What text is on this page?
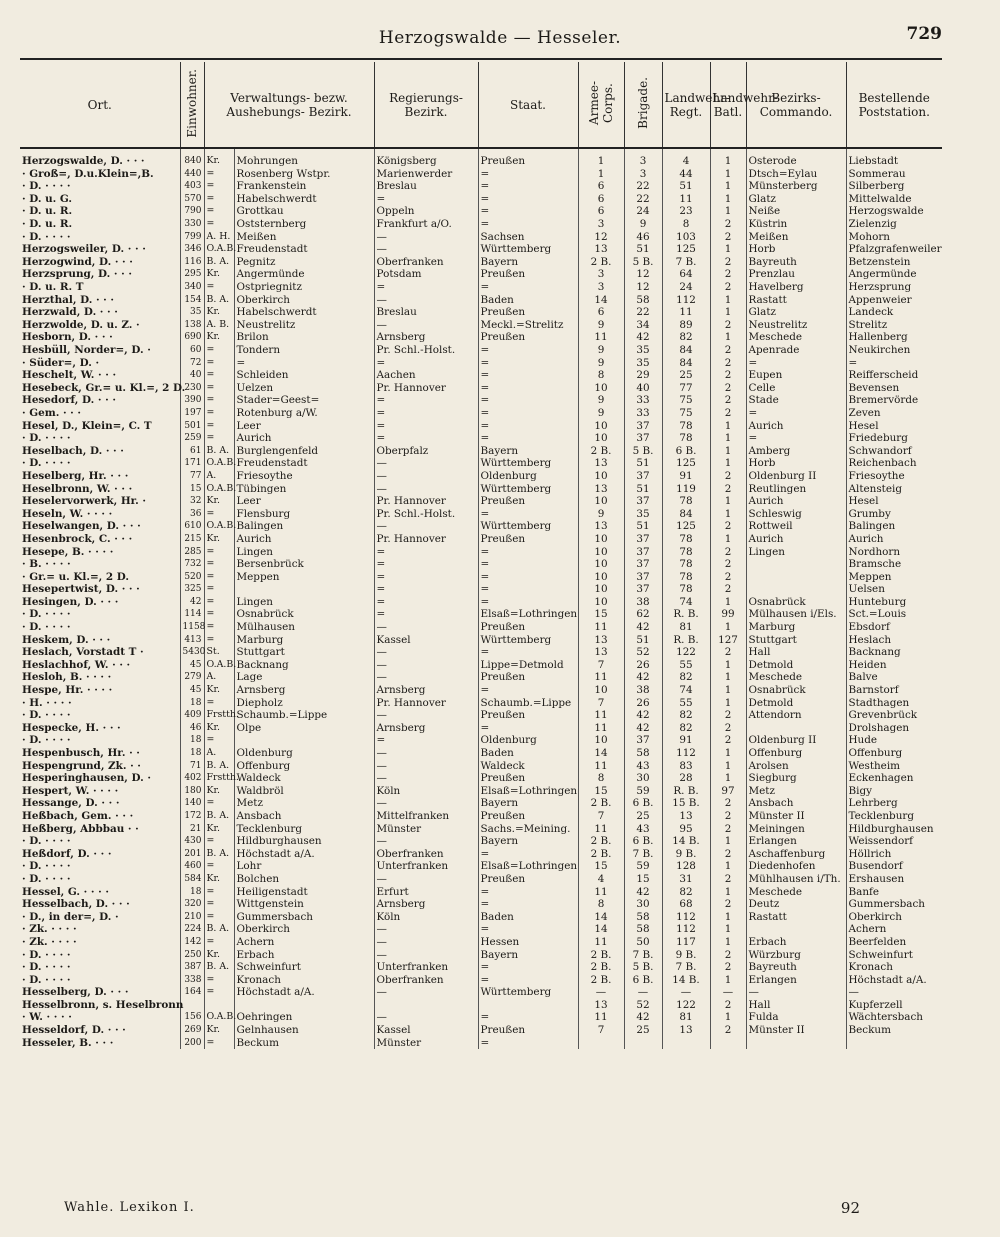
Herzogswalde — Hesseler.	729
Ort.	Einwohner.	Verwaltungs- bezw. Aushebungs- Bezirk.		Regierungs- Bezirk.	Staat.	Armee-Corps.	Brigade.	Landwehr- Regt.	Landwehr- Batl.	Bezirks- Commando.	Bestellende Poststation.
Herzogswalde, D. · · ·	840	Kr.	Mohrungen	Königsberg	Preußen	1	3	4	1	Osterode	Liebstadt
· Groß=, D.u.Klein=,B.	440	=	Rosenberg Wstpr.	Marienwerder	=	1	3	44	1	Dtsch=Eylau	Sommerau
· D. · · · ·	403	=	Frankenstein	Breslau	=	6	22	51	1	Münsterberg	Silberberg
· D. u. G.	570	=	Habelschwerdt	=	=	6	22	11	1	Glatz	Mittelwalde
· D. u. R.	790	=	Grottkau	Oppeln	=	6	24	23	1	Neiße	Herzogswalde
· D. u. R.	330	=	Oststernberg	Frankfurt a/O.	=	3	9	8	2	Küstrin	Zielenzig
· D. · · · ·	799	A. H.	Meißen	—	Sachsen	12	46	103	2	Meißen	Mohorn
Herzogsweiler, D. · · ·	346	O.A.B.	Freudenstadt	—	Württemberg	13	51	125	1	Horb	Pfalzgrafenweiler
Herzogwind, D. · · ·	116	B. A.	Pegnitz	Oberfranken	Bayern	2 B.	5 B.	7 B.	2	Bayreuth	Betzenstein
Herzsprung, D. · · ·	295	Kr.	Angermünde	Potsdam	Preußen	3	12	64	2	Prenzlau	Angermünde
· D. u. R. T	340	=	Ostpriegnitz	=	=	3	12	24	2	Havelberg	Herzsprung
Herzthal, D. · · ·	154	B. A.	Oberkirch	—	Baden	14	58	112	1	Rastatt	Appenweier
Herzwald, D. · · ·	35	Kr.	Habelschwerdt	Breslau	Preußen	6	22	11	1	Glatz	Landeck
Herzwolde, D. u. Z. ·	138	A. B.	Neustrelitz	—	Meckl.=Strelitz	9	34	89	2	Neustrelitz	Strelitz
Hesborn, D. · · ·	690	Kr.	Brilon	Arnsberg	Preußen	11	42	82	1	Meschede	Hallenberg
Hesbüll, Norder=, D. ·	60	=	Tondern	Pr. Schl.-Holst.	=	9	35	84	2	Apenrade	Neukirchen
· Süder=, D. ·	72	=	=	=	=	9	35	84	2	=	=
Heschelt, W. · · ·	40	=	Schleiden	Aachen	=	8	29	25	2	Eupen	Reifferscheid
Hesebeck, Gr.= u. Kl.=, 2 D.	230	=	Uelzen	Pr. Hannover	=	10	40	77	2	Celle	Bevensen
Hesedorf, D. · · ·	390	=	Stader=Geest=	=	=	9	33	75	2	Stade	Bremervörde
· Gem. · · ·	197	=	Rotenburg a/W.	=	=	9	33	75	2	=	Zeven
Hesel, D., Klein=, C. T	501	=	Leer	=	=	10	37	78	1	Aurich	Hesel
· D. · · · ·	259	=	Aurich	=	=	10	37	78	1	=	Friedeburg
Heselbach, D. · · ·	61	B. A.	Burglengenfeld	Oberpfalz	Bayern	2 B.	5 B.	6 B.	1	Amberg	Schwandorf
· D. · · · ·	171	O.A.B.	Freudenstadt	—	Württemberg	13	51	125	1	Horb	Reichenbach
Heselberg, Hr. · · ·	77	A.	Friesoythe	—	Oldenburg	10	37	91	2	Oldenburg II	Friesoythe
Heselbronn, W. · · ·	15	O.A.B.	Tübingen	—	Württemberg	13	51	119	2	Reutlingen	Altensteig
Heselervorwerk, Hr. ·	32	Kr.	Leer	Pr. Hannover	Preußen	10	37	78	1	Aurich	Hesel
Heseln, W. · · · ·	36	=	Flensburg	Pr. Schl.-Holst.	=	9	35	84	1	Schleswig	Grumby
Heselwangen, D. · · ·	610	O.A.B.	Balingen	—	Württemberg	13	51	125	2	Rottweil	Balingen
Hesenbrock, C. · · ·	215	Kr.	Aurich	Pr. Hannover	Preußen	10	37	78	1	Aurich	Aurich
Hesepe, B. · · · ·	285	=	Lingen	=	=	10	37	78	2	Lingen	Nordhorn
· B. · · · ·	732	=	Bersenbrück	=	=	10	37	78	2		Bramsche
· Gr.= u. Kl.=, 2 D.	520	=	Meppen	=	=	10	37	78	2		Meppen
Hesepertwist, D. · · ·	325	=		=	=	10	37	78	2		Uelsen
Hesingen, D. · · ·	42	=	Lingen	=	=	10	38	74	1	Osnabrück	Hunteburg
· D. · · · ·	114	=	Osnabrück	=	Elsaß=Lothringen	15	62	R. B.	99	Mülhausen i/Els.	Sct.=Louis
· D. · · · ·	1158	=	Mülhausen	—	Preußen	11	42	81	1	Marburg	Ebsdorf
Heskem, D. · · ·	413	=	Marburg	Kassel	Württemberg	13	51	R. B.	127	Stuttgart	Heslach
Heslach, Vorstadt T ·	5430	St.	Stuttgart	—	=	13	52	122	2	Hall	Backnang
Heslachhof, W. · · ·	45	O.A.B.	Backnang	—	Lippe=Detmold	7	26	55	1	Detmold	Heiden
Hesloh, B. · · · ·	279	A.	Lage	—	Preußen	11	42	82	1	Meschede	Balve
Hespe, Hr. · · · ·	45	Kr.	Arnsberg	Arnsberg	=	10	38	74	1	Osnabrück	Barnstorf
· H. · · · ·	18	=	Diepholz	Pr. Hannover	Schaumb.=Lippe	7	26	55	1	Detmold	Stadthagen
· D. · · · ·	409	Frstth.	Schaumb.=Lippe	—	Preußen	11	42	82	2	Attendorn	Grevenbrück
Hespecke, H. · · ·	46	Kr.	Olpe	Arnsberg	=	11	42	82	2		Drolshagen
· D. · · · ·	18	=		=	Oldenburg	10	37	91	2	Oldenburg II	Hude
Hespenbusch, Hr. · ·	18	A.	Oldenburg	—	Baden	14	58	112	1	Offenburg	Offenburg
Hespengrund, Zk. · ·	71	B. A.	Offenburg	—	Waldeck	11	43	83	1	Arolsen	Westheim
Hesperinghausen, D. ·	402	Frstth.	Waldeck	—	Preußen	8	30	28	1	Siegburg	Eckenhagen
Hespert, W. · · · ·	180	Kr.	Waldbröl	Köln	Elsaß=Lothringen	15	59	R. B.	97	Metz	Bigy
Hessange, D. · · ·	140	=	Metz	—	Bayern	2 B.	6 B.	15 B.	2	Ansbach	Lehrberg
Heßbach, Gem. · · ·	172	B. A.	Ansbach	Mittelfranken	Preußen	7	25	13	2	Münster II	Tecklenburg
Heßberg, Abbbau · ·	21	Kr.	Tecklenburg	Münster	Sachs.=Meining.	11	43	95	2	Meiningen	Hildburghausen
· D. · · · ·	430	=	Hildburghausen	—	Bayern	2 B.	6 B.	14 B.	1	Erlangen	Weissendorf
Heßdorf, D. · · ·	201	B. A.	Höchstadt a/A.	Oberfranken	=	2 B.	7 B.	9 B.	2	Aschaffenburg	Höllrich
· D. · · · ·	460	=	Lohr	Unterfranken	Elsaß=Lothringen	15	59	128	1	Diedenhofen	Busendorf
· D. · · · ·	584	Kr.	Bolchen	—	Preußen	4	15	31	2	Mühlhausen i/Th.	Ershausen
Hessel, G. · · · ·	18	=	Heiligenstadt	Erfurt	=	11	42	82	1	Meschede	Banfe
Hesselbach, D. · · ·	320	=	Wittgenstein	Arnsberg	=	8	30	68	2	Deutz	Gummersbach
· D., in der=, D. ·	210	=	Gummersbach	Köln	Baden	14	58	112	1	Rastatt	Oberkirch
· Zk. · · · ·	224	B. A.	Oberkirch	—	=	14	58	112	1		Achern
· Zk. · · · ·	142	=	Achern	—	Hessen	11	50	117	1	Erbach	Beerfelden
· D. · · · ·	250	Kr.	Erbach	—	Bayern	2 B.	7 B.	9 B.	2	Würzburg	Schweinfurt
· D. · · · ·	387	B. A.	Schweinfurt	Unterfranken	=	2 B.	5 B.	7 B.	2	Bayreuth	Kronach
· D. · · · ·	338	=	Kronach	Oberfranken	=	2 B.	6 B.	14 B.	1	Erlangen	Höchstadt a/A.
Hesselberg, D. · · ·	164	=	Höchstadt a/A.	—	Württemberg	—	—	—	—	—	—
Hesselbronn, s. Heselbronn						13	52	122	2	Hall	Kupferzell
· W. · · · ·	156	O.A.B.	Oehringen	—	=	11	42	81	1	Fulda	Wächtersbach
Hesseldorf, D. · · ·	269	Kr.	Gelnhausen	Kassel	Preußen	7	25	13	2	Münster II	Beckum
Hesseler, B. · · ·	200	=	Beckum	Münster	=						
Wahle. Lexikon I.	92
